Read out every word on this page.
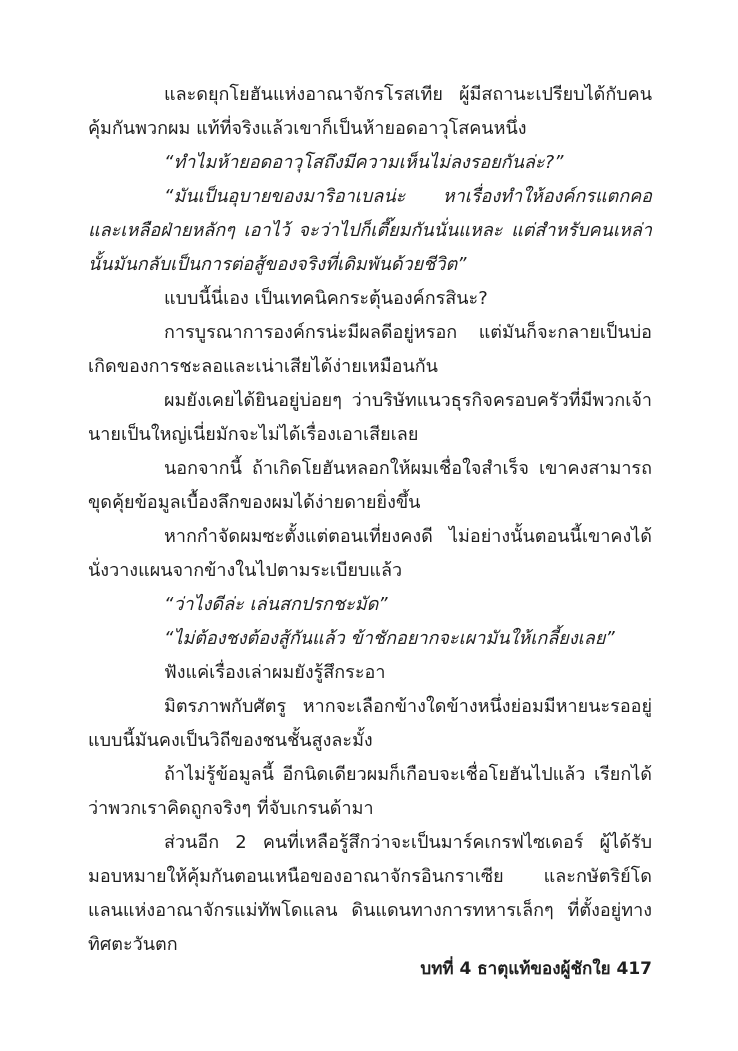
และดยุกโยฮันแห่งอาณาจักรโรสเทีย ผู้มีสถานะเปรียบได้กับคนคุ้มกันพวกผม แท้ที่จริงแล้วเขาก็เป็นห้ายอดอาวุโสคนหนึ่ง

“ทำไมห้ายอดอาวุโสถึงมีความเห็นไม่ลงรอยกันล่ะ?”

“มันเป็นอุบายของมาริอาเบลน่ะ หาเรื่องทำให้องค์กรแตกคอและเหลือฝ่ายหลักๆ เอาไว้ จะว่าไปก็เตี๊ยมกันนั่นแหละ แต่สำหรับคนเหล่านั้นมันกลับเป็นการต่อสู้ของจริงที่เดิมพันด้วยชีวิต”

แบบนี้นี่เอง เป็นเทคนิคกระตุ้นองค์กรสินะ?

การบูรณาการองค์กรน่ะมีผลดีอยู่หรอก แต่มันก็จะกลายเป็นบ่อเกิดของการชะลอและเน่าเสียได้ง่ายเหมือนกัน

ผมยังเคยได้ยินอยู่บ่อยๆ ว่าบริษัทแนวธุรกิจครอบครัวที่มีพวกเจ้านายเป็นใหญ่เนี่ยมักจะไม่ได้เรื่องเอาเสียเลย

นอกจากนี้ ถ้าเกิดโยฮันหลอกให้ผมเชื่อใจสำเร็จ เขาคงสามารถขุดคุ้ยข้อมูลเบื้องลึกของผมได้ง่ายดายยิ่งขึ้น

หากกำจัดผมซะตั้งแต่ตอนเที่ยงคงดี ไม่อย่างนั้นตอนนี้เขาคงได้นั่งวางแผนจากข้างในไปตามระเบียบแล้ว

“ว่าไงดีล่ะ เล่นสกปรกชะมัด”

“ไม่ต้องชงต้องสู้กันแล้ว ข้าชักอยากจะเผามันให้เกลี้ยงเลย”

ฟังแค่เรื่องเล่าผมยังรู้สึกระอา

มิตรภาพกับศัตรู หากจะเลือกข้างใดข้างหนึ่งย่อมมีหายนะรออยู่แบบนี้มันคงเป็นวิถีของชนชั้นสูงละมั้ง

ถ้าไม่รู้ข้อมูลนี้ อีกนิดเดียวผมก็เกือบจะเชื่อโยฮันไปแล้ว เรียกได้ว่าพวกเราคิดถูกจริงๆ ที่จับเกรนด้ามา

ส่วนอีก 2 คนที่เหลือรู้สึกว่าจะเป็นมาร์คเกรฟไซเดอร์ ผู้ได้รับมอบหมายให้คุ้มกันตอนเหนือของอาณาจักรอินกราเซีย และกษัตริย์โดแลนแห่งอาณาจักรแม่ทัพโดแลน ดินแดนทางการทหารเล็กๆ ที่ตั้งอยู่ทางทิศตะวันตก

บทที่ 4 ธาตุแท้ของผู้ชักใย 417
